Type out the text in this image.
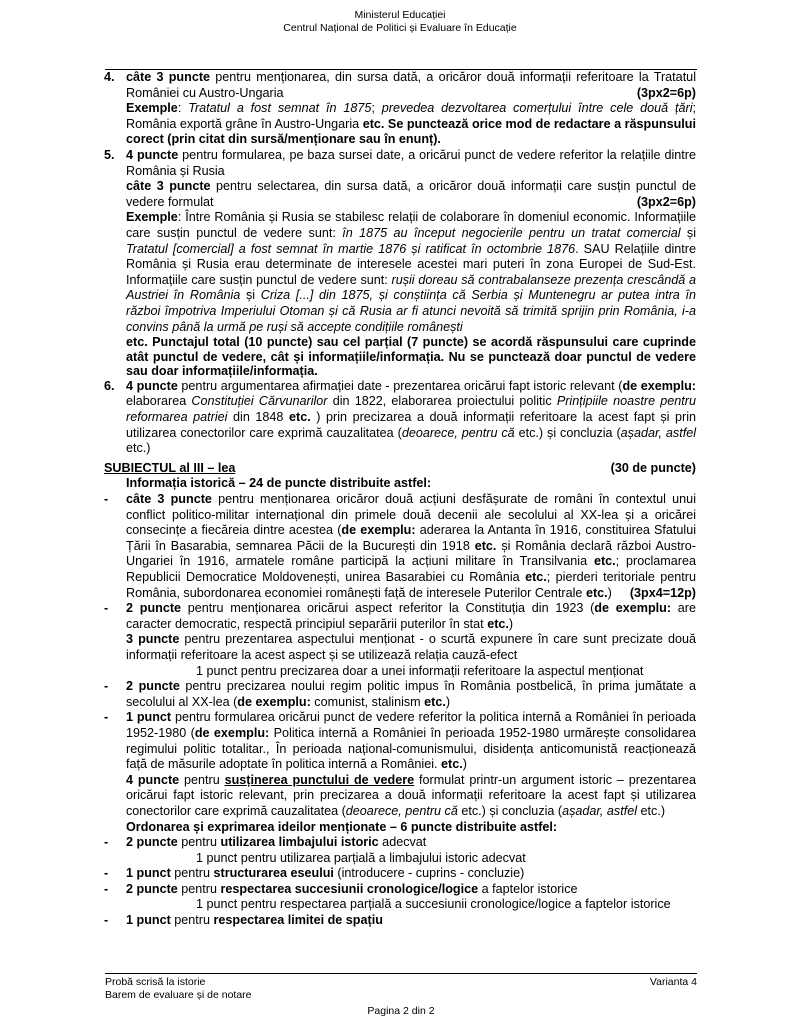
Ministerul Educației
Centrul Național de Politici și Evaluare în Educație
4. câte 3 puncte pentru menționarea, din sursa dată, a oricăror două informații referitoare la Tratatul României cu Austro-Ungaria	(3px2=6p)
Exemple: Tratatul a fost semnat în 1875; prevedea dezvoltarea comerțului între cele două țări; România exportă grâne în Austro-Ungaria etc. Se punctează orice mod de redactare a răspunsului corect (prin citat din sursă/menționare sau în enunț).
5. 4 puncte pentru formularea, pe baza sursei date, a oricărui punct de vedere referitor la relațiile dintre România și Rusia
câte 3 puncte pentru selectarea, din sursa dată, a oricăror două informații care susțin punctul de vedere formulat	(3px2=6p)
Exemple: Între România și Rusia se stabilesc relații de colaborare în domeniul economic. Informațiile care susțin punctul de vedere sunt: în 1875 au început negocierile pentru un tratat comercial și Tratatul [comercial] a fost semnat în martie 1876 și ratificat în octombrie 1876. SAU Relațiile dintre România și Rusia erau determinate de interesele acestei mari puteri în zona Europei de Sud-Est. Informațiile care susțin punctul de vedere sunt: rușii doreau să contrabalanseze prezența crescândă a Austriei în România și Criza [...] din 1875, și conștiința că Serbia și Muntenegru ar putea intra în război împotriva Imperiului Otoman și că Rusia ar fi atunci nevoită să trimită sprijin prin România, i-a convins până la urmă pe ruși să accepte condițiile românești
etc. Punctajul total (10 puncte) sau cel parțial (7 puncte) se acordă răspunsului care cuprinde atât punctul de vedere, cât și informațiile/informația. Nu se punctează doar punctul de vedere sau doar informațiile/informația.
6. 4 puncte pentru argumentarea afirmației date - prezentarea oricărui fapt istoric relevant (de exemplu: elaborarea Constituției Cărvunarilor din 1822, elaborarea proiectului politic Prințipiile noastre pentru reformarea patriei din 1848 etc. ) prin precizarea a două informații referitoare la acest fapt și prin utilizarea conectorilor care exprimă cauzalitatea (deoarece, pentru că etc.) și concluzia (așadar, astfel etc.)
SUBIECTUL al III – lea	(30 de puncte)
Informația istorică – 24 de puncte distribuite astfel:
- câte 3 puncte pentru menționarea oricăror două acțiuni desfășurate de români în contextul unui conflict politico-militar internațional din primele două decenii ale secolului al XX-lea și a oricărei consecințe a fiecăreia dintre acestea (de exemplu: aderarea la Antanta în 1916, constituirea Sfatului Țării în Basarabia, semnarea Păcii de la București din 1918 etc. și România declară război Austro-Ungariei în 1916, armatele române participă la acțiuni militare în Transilvania etc.; proclamarea Republicii Democratice Moldovenești, unirea Basarabiei cu România etc.; pierderi teritoriale pentru România, subordonarea economiei românești față de interesele Puterilor Centrale etc.) (3px4=12p)
- 2 puncte pentru menționarea oricărui aspect referitor la Constituția din 1923 (de exemplu: are caracter democratic, respectă principiul separării puterilor în stat etc.)
3 puncte pentru prezentarea aspectului menționat - o scurtă expunere în care sunt precizate două informații referitoare la acest aspect și se utilizează relația cauză-efect
1 punct pentru precizarea doar a unei informații referitoare la aspectul menționat
- 2 puncte pentru precizarea noului regim politic impus în România postbelică, în prima jumătate a secolului al XX-lea (de exemplu: comunist, stalinism etc.)
- 1 punct pentru formularea oricărui punct de vedere referitor la politica internă a României în perioada 1952-1980 (de exemplu: Politica internă a României în perioada 1952-1980 urmărește consolidarea regimului politic totalitar., În perioada național-comunismului, disidența anticomunistă reacționează față de măsurile adoptate în politica internă a României. etc.)
4 puncte pentru susținerea punctului de vedere formulat printr-un argument istoric – prezentarea oricărui fapt istoric relevant, prin precizarea a două informații referitoare la acest fapt și utilizarea conectorilor care exprimă cauzalitatea (deoarece, pentru că etc.) și concluzia (așadar, astfel etc.)
Ordonarea și exprimarea ideilor menționate – 6 puncte distribuite astfel:
- 2 puncte pentru utilizarea limbajului istoric adecvat
1 punct pentru utilizarea parțială a limbajului istoric adecvat
- 1 punct pentru structurarea eseului (introducere - cuprins - concluzie)
- 2 puncte pentru respectarea succesiunii cronologice/logice a faptelor istorice
1 punct pentru respectarea parțială a succesiunii cronologice/logice a faptelor istorice
- 1 punct pentru respectarea limitei de spațiu
Probă scrisă la istorie	Varianta 4
Barem de evaluare și de notare
Pagina 2 din 2
